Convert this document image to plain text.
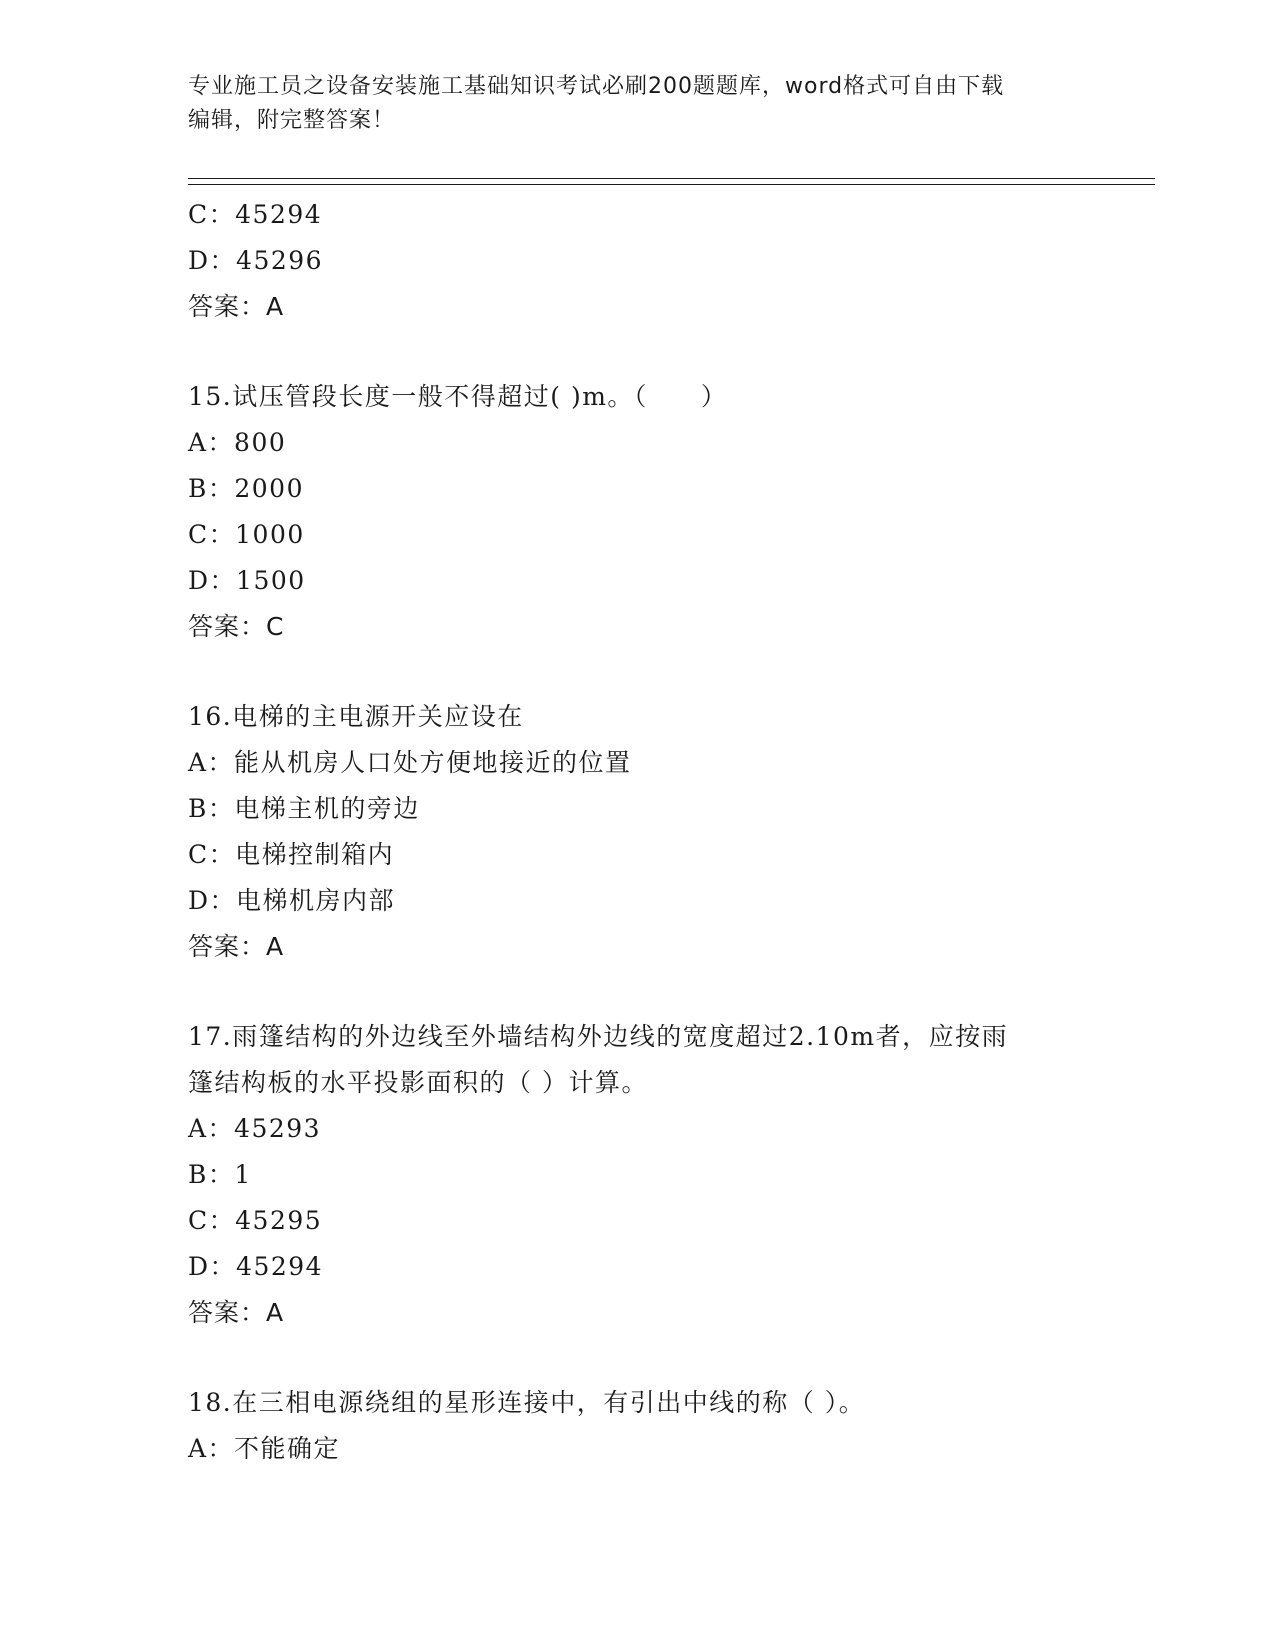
专业施工员之设备安装施工基础知识考试必刷200题题库，word格式可自由下载
编辑，附完整答案！
C：45294
D：45296
答案：A
15.试压管段长度一般不得超过( )m。（　　）
A：800
B：2000
C：1000
D：1500
答案：C
16.电梯的主电源开关应设在
A：能从机房人口处方便地接近的位置
B：电梯主机的旁边
C：电梯控制箱内
D：电梯机房内部
答案：A
17.雨篷结构的外边线至外墙结构外边线的宽度超过2.10m者，应按雨
篷结构板的水平投影面积的（ ）计算。
A：45293
B：1
C：45295
D：45294
答案：A
18.在三相电源绕组的星形连接中，有引出中线的称（ ）。
A：不能确定
